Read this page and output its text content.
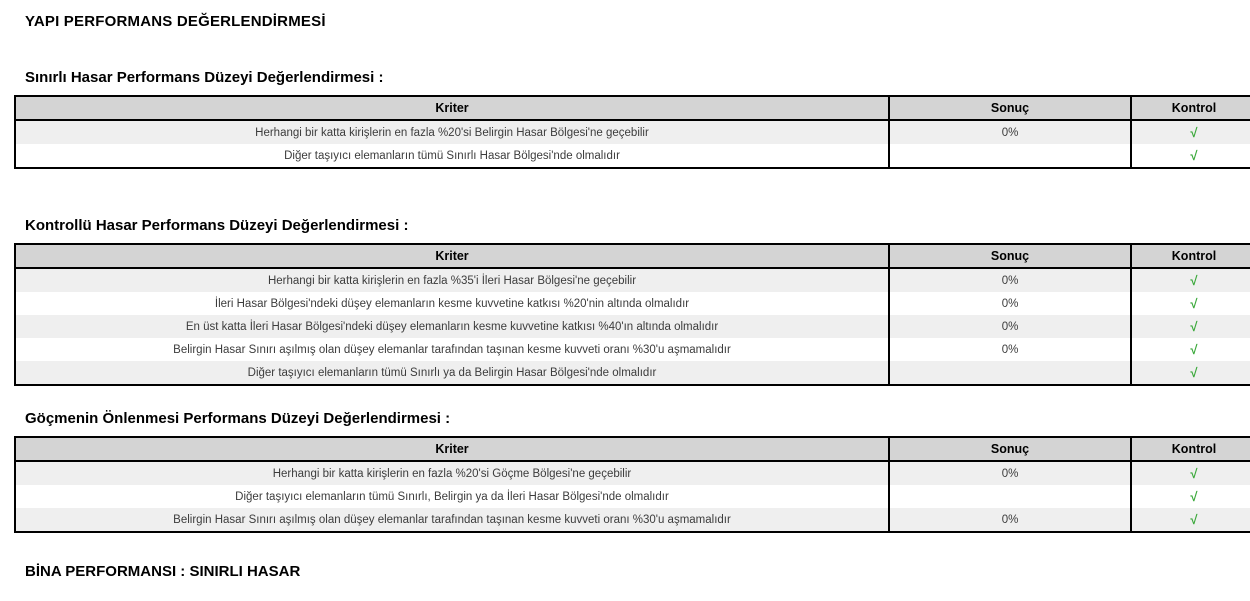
YAPI PERFORMANS DEĞERLENDİRMESİ
Sınırlı Hasar Performans Düzeyi Değerlendirmesi :
Kriter	Sonuç	Kontrol
Herhangi bir katta kirişlerin en fazla %20'si Belirgin Hasar Bölgesi'ne geçebilir	0%	√
Diğer taşıyıcı elemanların tümü Sınırlı Hasar Bölgesi'nde olmalıdır		√
Kontrollü Hasar Performans Düzeyi Değerlendirmesi :
Kriter	Sonuç	Kontrol
Herhangi bir katta kirişlerin en fazla %35'i İleri Hasar Bölgesi'ne geçebilir	0%	√
İleri Hasar Bölgesi'ndeki düşey elemanların kesme kuvvetine katkısı %20'nin altında olmalıdır	0%	√
En üst katta İleri Hasar Bölgesi'ndeki düşey elemanların kesme kuvvetine katkısı %40'ın altında olmalıdır	0%	√
Belirgin Hasar Sınırı aşılmış olan düşey elemanlar tarafından taşınan kesme kuvveti oranı %30'u aşmamalıdır	0%	√
Diğer taşıyıcı elemanların tümü Sınırlı ya da Belirgin Hasar Bölgesi'nde olmalıdır		√
Göçmenin Önlenmesi Performans Düzeyi Değerlendirmesi :
Kriter	Sonuç	Kontrol
Herhangi bir katta kirişlerin en fazla %20'si Göçme Bölgesi'ne geçebilir	0%	√
Diğer taşıyıcı elemanların tümü Sınırlı, Belirgin ya da İleri Hasar Bölgesi'nde olmalıdır		√
Belirgin Hasar Sınırı aşılmış olan düşey elemanlar tarafından taşınan kesme kuvveti oranı %30'u aşmamalıdır	0%	√
BİNA PERFORMANSI : SINIRLI HASAR
